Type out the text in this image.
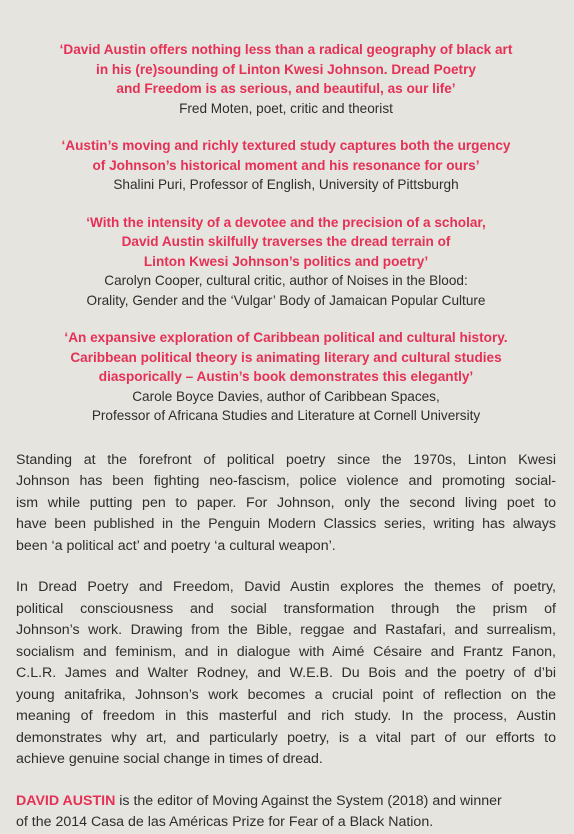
‘David Austin offers nothing less than a radical geography of black art
in his (re)sounding of Linton Kwesi Johnson. Dread Poetry
and Freedom is as serious, and beautiful, as our life’

Fred Moten, poet, critic and theorist

‘Austin’s moving and richly textured study captures both the urgency
of Johnson’s historical moment and his resonance for ours’

Shalini Puri, Professor of English, University of Pittsburgh

‘With the intensity of a devotee and the precision of a scholar,
David Austin skilfully traverses the dread terrain of
Linton Kwesi Johnson’s politics and poetry’

Carolyn Cooper, cultural critic, author of Noises in the Blood:
Orality, Gender and the ‘Vulgar’ Body of Jamaican Popular Culture

‘An expansive exploration of Caribbean political and cultural history.
Caribbean political theory is animating literary and cultural studies
diasporically – Austin’s book demonstrates this elegantly’

Carole Boyce Davies, author of Caribbean Spaces,
Professor of Africana Studies and Literature at Cornell University

Standing at the forefront of political poetry since the 1970s, Linton Kwesi
Johnson has been fighting neo-fascism, police violence and promoting social-
ism while putting pen to paper. For Johnson, only the second living poet to
have been published in the Penguin Modern Classics series, writing has always
been ‘a political act’ and poetry ‘a cultural weapon’.

In Dread Poetry and Freedom, David Austin explores the themes of poetry,
political consciousness and social transformation through the prism of
Johnson’s work. Drawing from the Bible, reggae and Rastafari, and surrealism,
socialism and feminism, and in dialogue with Aimé Césaire and Frantz Fanon,
C.L.R. James and Walter Rodney, and W.E.B. Du Bois and the poetry of d’bi
young anitafrika, Johnson’s work becomes a crucial point of reflection on the
meaning of freedom in this masterful and rich study. In the process, Austin
demonstrates why art, and particularly poetry, is a vital part of our efforts to
achieve genuine social change in times of dread.

DAVID AUSTIN is the editor of Moving Against the System (2018) and winner
of the 2014 Casa de las Américas Prize for Fear of a Black Nation.
